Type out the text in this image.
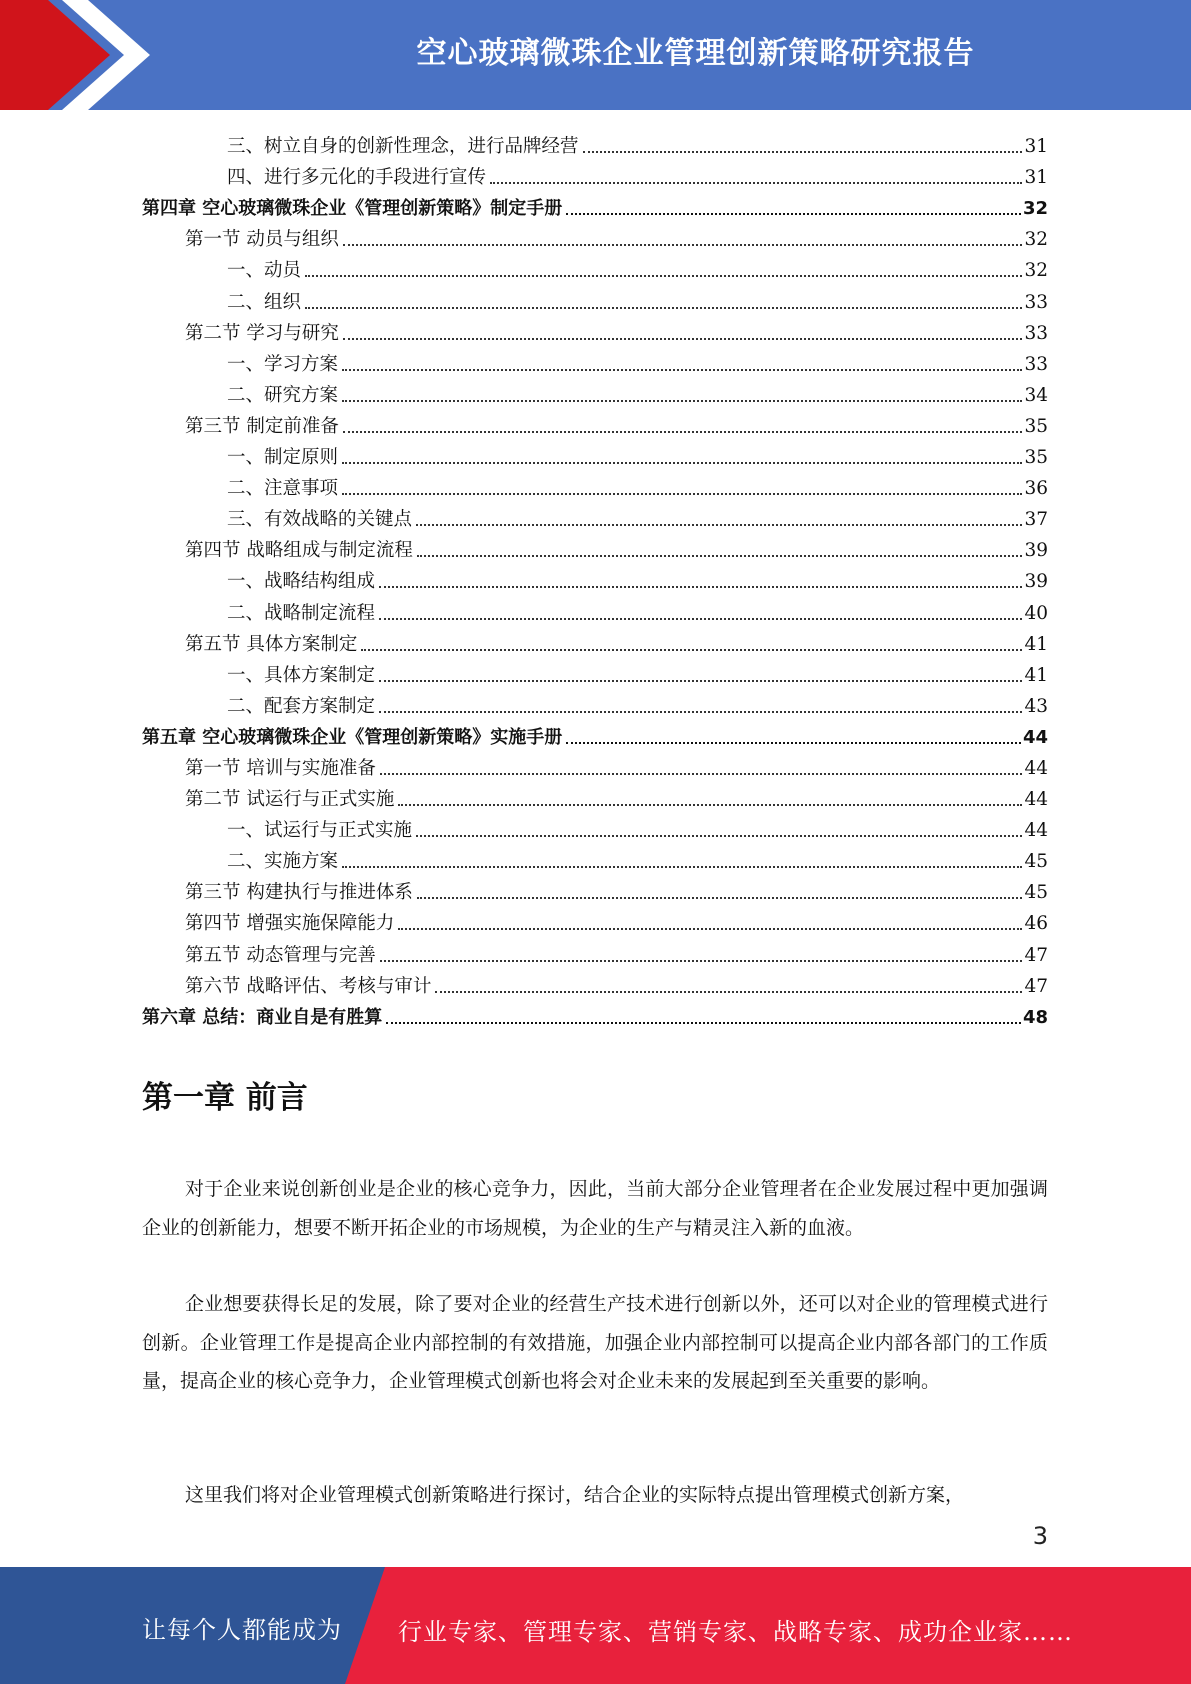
空心玻璃微珠企业管理创新策略研究报告
三、树立自身的创新性理念，进行品牌经营	31
四、进行多元化的手段进行宣传	31
第四章 空心玻璃微珠企业《管理创新策略》制定手册	32
第一节 动员与组织	32
一、动员	32
二、组织	33
第二节 学习与研究	33
一、学习方案	33
二、研究方案	34
第三节 制定前准备	35
一、制定原则	35
二、注意事项	36
三、有效战略的关键点	37
第四节 战略组成与制定流程	39
一、战略结构组成	39
二、战略制定流程	40
第五节 具体方案制定	41
一、具体方案制定	41
二、配套方案制定	43
第五章 空心玻璃微珠企业《管理创新策略》实施手册	44
第一节 培训与实施准备	44
第二节 试运行与正式实施	44
一、试运行与正式实施	44
二、实施方案	45
第三节 构建执行与推进体系	45
第四节 增强实施保障能力	46
第五节 动态管理与完善	47
第六节 战略评估、考核与审计	47
第六章 总结：商业自是有胜算	48
第一章 前言
对于企业来说创新创业是企业的核心竞争力，因此，当前大部分企业管理者在企业发展过程中更加强调企业的创新能力，想要不断开拓企业的市场规模，为企业的生产与精灵注入新的血液。
企业想要获得长足的发展，除了要对企业的经营生产技术进行创新以外，还可以对企业的管理模式进行创新。企业管理工作是提高企业内部控制的有效措施，加强企业内部控制可以提高企业内部各部门的工作质量，提高企业的核心竞争力，企业管理模式创新也将会对企业未来的发展起到至关重要的影响。
这里我们将对企业管理模式创新策略进行探讨，结合企业的实际特点提出管理模式创新方案，
3
让每个人都能成为 行业专家、管理专家、营销专家、战略专家、成功企业家……
